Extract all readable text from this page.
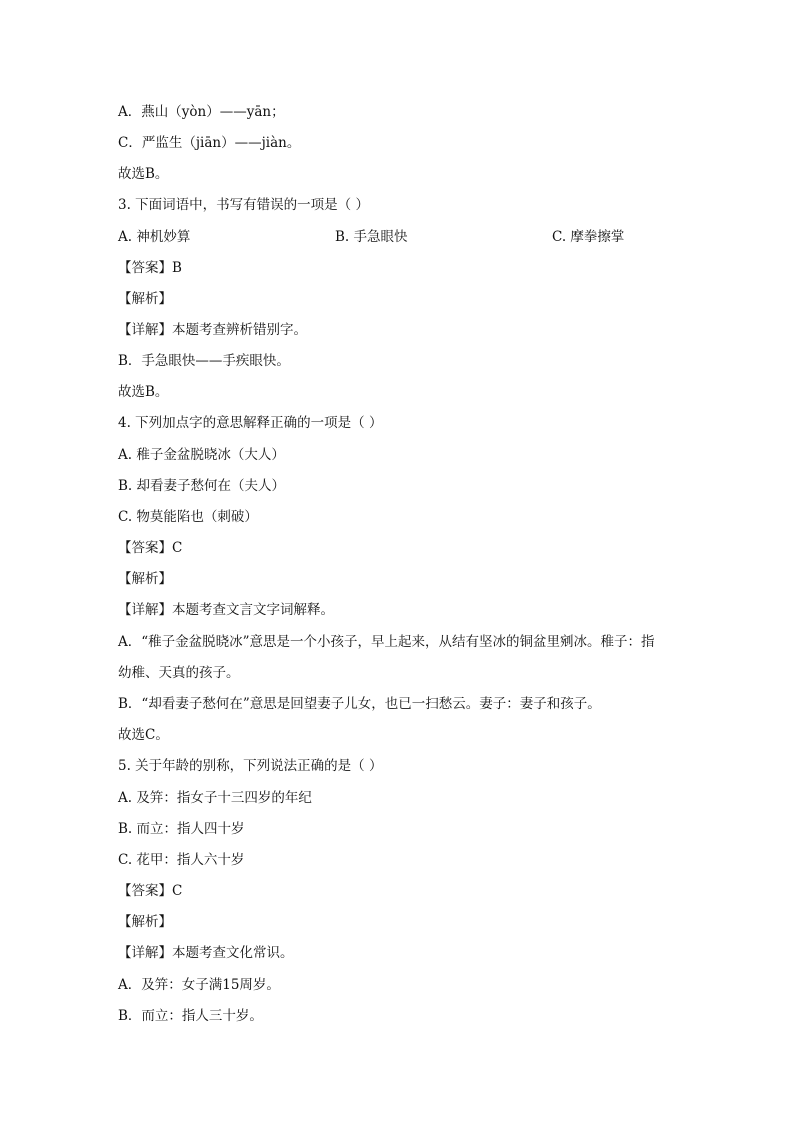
A．燕山（yòn）——yān；
C．严监生（jiān）——jiàn。
故选B。
3. 下面词语中，书写有错误的一项是（ ）
A. 神机妙算	B. 手急眼快	C. 摩拳擦掌
【答案】B
【解析】
【详解】本题考查辨析错别字。
B．手急眼快——手疾眼快。
故选B。
4. 下列加点字的意思解释正确的一项是（ ）
A. 稚子金盆脱晓冰（大人）
B. 却看妻子愁何在（夫人）
C. 物莫能陷也（刺破）
【答案】C
【解析】
【详解】本题考查文言文字词解释。
A．“稚子金盆脱晓冰”意思是一个小孩子，早上起来，从结有坚冰的铜盆里剜冰。稚子：指
幼稚、天真的孩子。
B．“却看妻子愁何在”意思是回望妻子儿女，也已一扫愁云。妻子：妻子和孩子。
故选C。
5. 关于年龄的别称，下列说法正确的是（ ）
A. 及笄：指女子十三四岁的年纪
B. 而立：指人四十岁
C. 花甲：指人六十岁
【答案】C
【解析】
【详解】本题考查文化常识。
A．及笄：女子满15周岁。
B．而立：指人三十岁。
